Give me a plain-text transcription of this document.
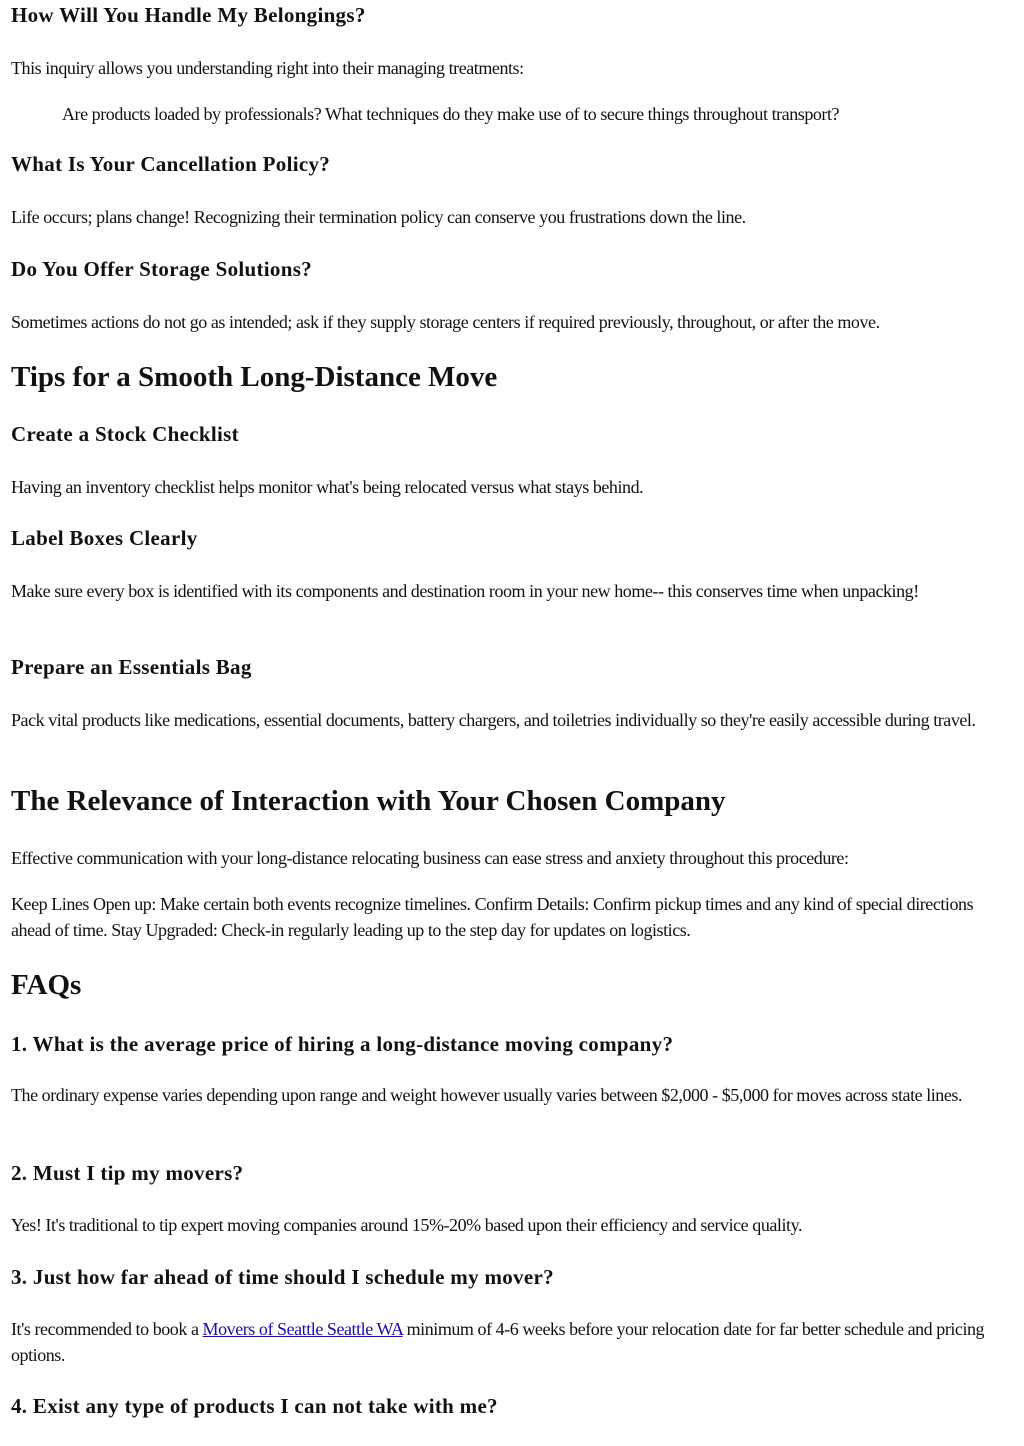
How Will You Handle My Belongings?

This inquiry allows you understanding right into their managing treatments:

Are products loaded by professionals? What techniques do they make use of to secure things throughout transport?

What Is Your Cancellation Policy?

Life occurs; plans change! Recognizing their termination policy can conserve you frustrations down the line.

Do You Offer Storage Solutions?

Sometimes actions do not go as intended; ask if they supply storage centers if required previously, throughout, or after the move.

Tips for a Smooth Long-Distance Move
Create a Stock Checklist

Having an inventory checklist helps monitor what's being relocated versus what stays behind.

Label Boxes Clearly

Make sure every box is identified with its components and destination room in your new home-- this conserves time when unpacking!

Prepare an Essentials Bag

Pack vital products like medications, essential documents, battery chargers, and toiletries individually so they're easily accessible during travel.

The Relevance of Interaction with Your Chosen Company

Effective communication with your long-distance relocating business can ease stress and anxiety throughout this procedure:

Keep Lines Open up: Make certain both events recognize timelines. Confirm Details: Confirm pickup times and any kind of special directions ahead of time. Stay Upgraded: Check-in regularly leading up to the step day for updates on logistics.

FAQs
1. What is the average price of hiring a long-distance moving company?

The ordinary expense varies depending upon range and weight however usually varies between $2,000 - $5,000 for moves across state lines.

2. Must I tip my movers?

Yes! It's traditional to tip expert moving companies around 15%-20% based upon their efficiency and service quality.

3. Just how far ahead of time should I schedule my mover?

It's recommended to book a Movers of Seattle Seattle WA minimum of 4-6 weeks before your relocation date for far better schedule and pricing options.

4. Exist any type of products I can not take with me?
